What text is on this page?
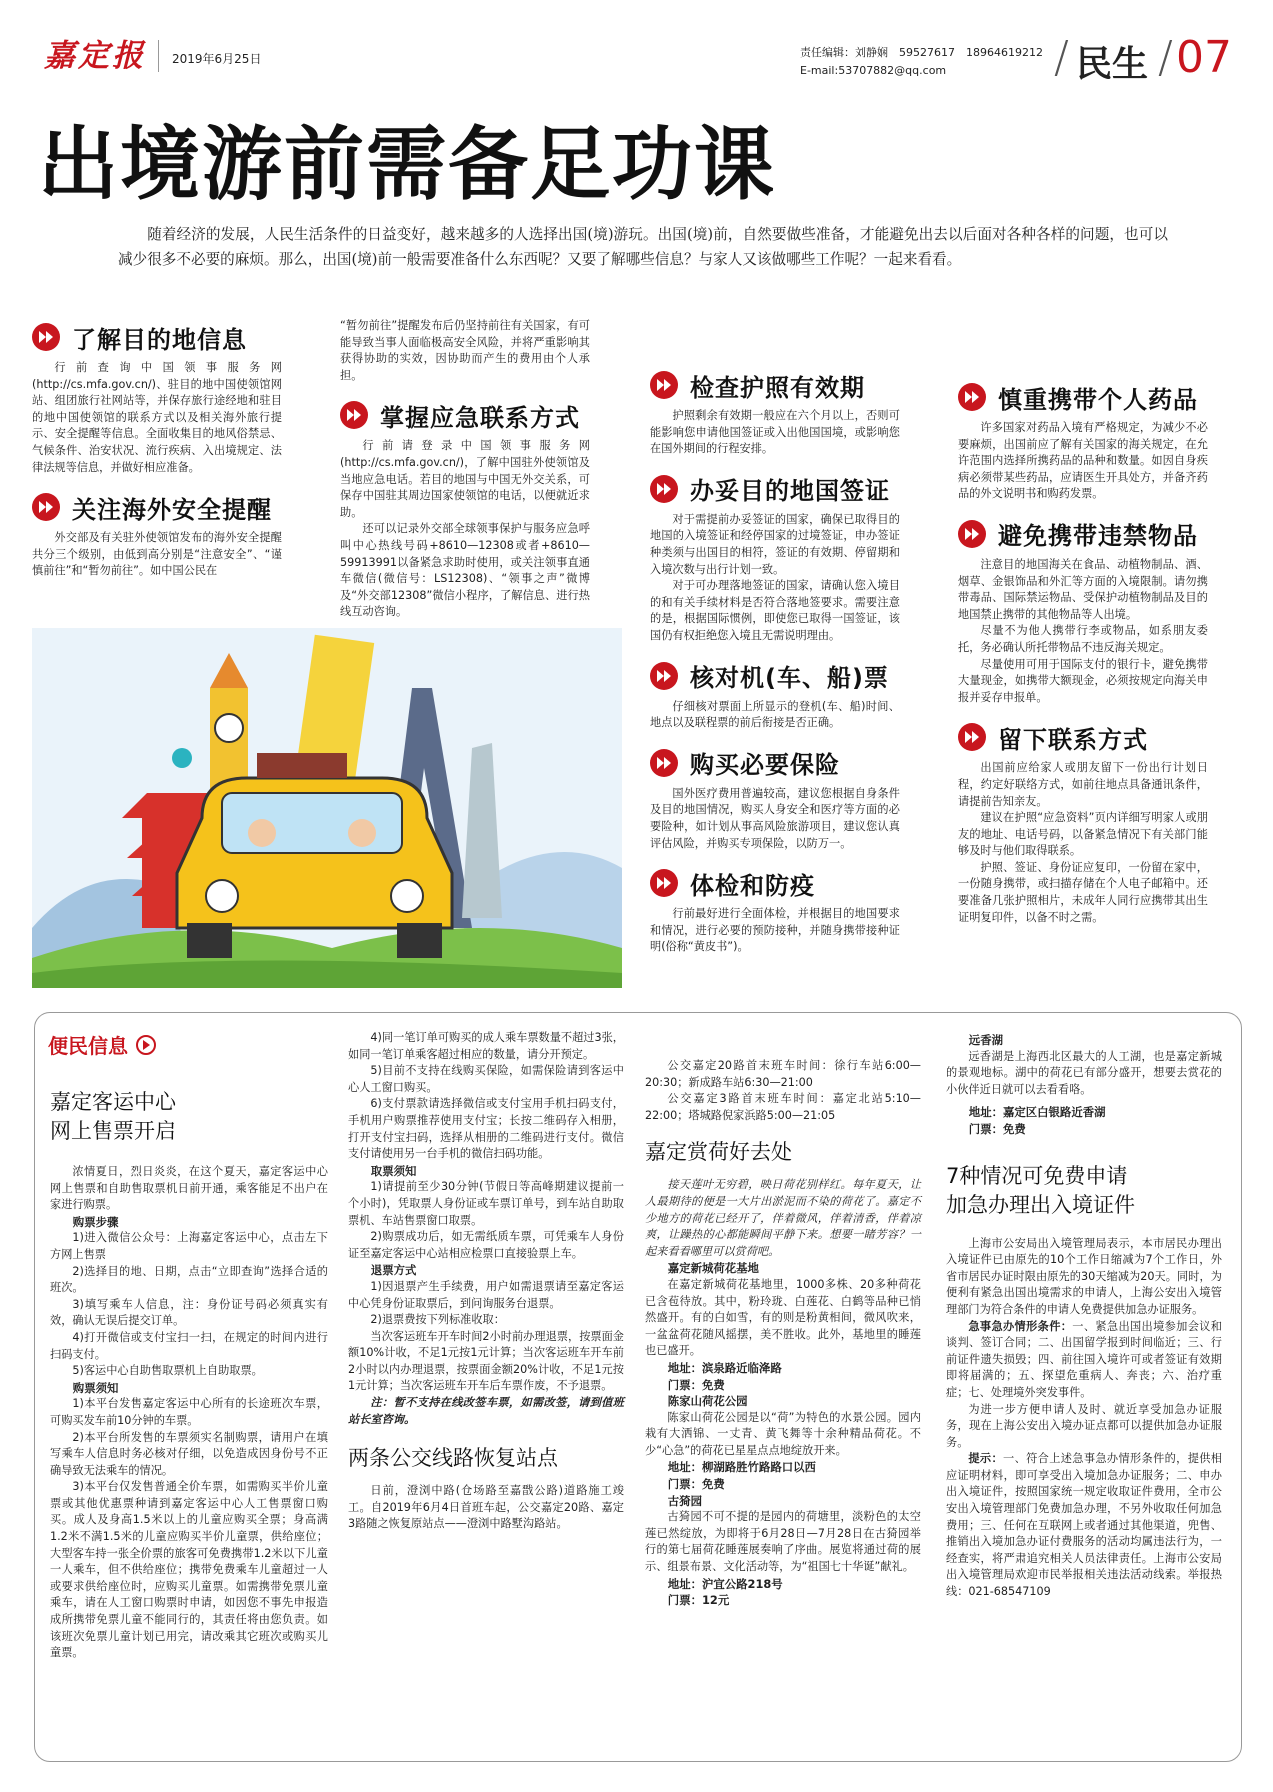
嘉定报 2019年6月25日	责任编辑：刘静娴　59527617　18964619212
E-mail:53707882@qq.com	/ 民生 / 07
出境游前需备足功课
随着经济的发展，人民生活条件的日益变好，越来越多的人选择出国(境)游玩。出国(境)前，自然要做些准备，才能避免出去以后面对各种各样的问题，也可以减少很多不必要的麻烦。那么，出国(境)前一般需要准备什么东西呢？又要了解哪些信息？与家人又该做哪些工作呢？一起来看看。
了解目的地信息

行前查询中国领事服务网(http://cs.mfa.gov.cn/)、驻目的地中国使领馆网站、组团旅行社网站等，并保存旅行途经地和驻目的地中国使领馆的联系方式以及相关海外旅行提示、安全提醒等信息。全面收集目的地风俗禁忌、气候条件、治安状况、流行疾病、入出境规定、法律法规等信息，并做好相应准备。

关注海外安全提醒

外交部及有关驻外使领馆发布的海外安全提醒共分三个级别，由低到高分别是“注意安全”、“谨慎前往”和“暂勿前往”。如中国公民在

“暂勿前往”提醒发布后仍坚持前往有关国家，有可能导致当事人面临极高安全风险，并将严重影响其获得协助的实效，因协助而产生的费用由个人承担。

掌握应急联系方式

行前请登录中国领事服务网(http://cs.mfa.gov.cn/)，了解中国驻外使领馆及当地应急电话。若目的地国与中国无外交关系，可保存中国驻其周边国家使领馆的电话，以便就近求助。

还可以记录外交部全球领事保护与服务应急呼叫中心热线号码+8610—12308或者+8610—59913991以备紧急求助时使用，或关注领事直通车微信(微信号：LS12308)、“领事之声”微博及“外交部12308”微信小程序，了解信息、进行热线互动咨询。

检查护照有效期

护照剩余有效期一般应在六个月以上，否则可能影响您申请他国签证或入出他国国境，或影响您在国外期间的行程安排。

办妥目的地国签证

对于需提前办妥签证的国家，确保已取得目的地国的入境签证和经停国家的过境签证，申办签证种类须与出国目的相符，签证的有效期、停留期和入境次数与出行计划一致。

对于可办理落地签证的国家，请确认您入境目的和有关手续材料是否符合落地签要求。需要注意的是，根据国际惯例，即使您已取得一国签证，该国仍有权拒绝您入境且无需说明理由。

核对机(车、船)票

仔细核对票面上所显示的登机(车、船)时间、地点以及联程票的前后衔接是否正确。

购买必要保险

国外医疗费用普遍较高，建议您根据自身条件及目的地国情况，购买人身安全和医疗等方面的必要险种，如计划从事高风险旅游项目，建议您认真评估风险，并购买专项保险，以防万一。

体检和防疫

行前最好进行全面体检，并根据目的地国要求和情况，进行必要的预防接种，并随身携带接种证明(俗称“黄皮书”)。

慎重携带个人药品

许多国家对药品入境有严格规定，为减少不必要麻烦，出国前应了解有关国家的海关规定，在允许范围内选择所携药品的品种和数量。如因自身疾病必须带某些药品，应请医生开具处方，并备齐药品的外文说明书和购药发票。

避免携带违禁物品

注意目的地国海关在食品、动植物制品、酒、烟草、金银饰品和外汇等方面的入境限制。请勿携带毒品、国际禁运物品、受保护动植物制品及目的地国禁止携带的其他物品等人出境。

尽量不为他人携带行李或物品，如系朋友委托，务必确认所托带物品不违反海关规定。

尽量使用可用于国际支付的银行卡，避免携带大量现金，如携带大额现金，必须按规定向海关申报并妥存申报单。

留下联系方式

出国前应给家人或朋友留下一份出行计划日程，约定好联络方式，如前往地点具备通讯条件，请提前告知亲友。

建议在护照“应急资料”页内详细写明家人或朋友的地址、电话号码，以备紧急情况下有关部门能够及时与他们取得联系。

护照、签证、身份证应复印，一份留在家中，一份随身携带，或扫描存储在个人电子邮箱中。还要准备几张护照相片，未成年人同行应携带其出生证明复印件，以备不时之需。

便民信息
嘉定客运中心
网上售票开启

浓情夏日，烈日炎炎，在这个夏天，嘉定客运中心网上售票和自助售取票机日前开通，乘客能足不出户在家进行购票。

购票步骤

1)进入微信公众号：上海嘉定客运中心，点击左下方网上售票

2)选择目的地、日期，点击“立即查询”选择合适的班次。

3)填写乘车人信息，注：身份证号码必须真实有效，确认无误后提交订单。

4)打开微信或支付宝扫一扫，在规定的时间内进行扫码支付。

5)客运中心自助售取票机上自助取票。

购票须知

1)本平台发售嘉定客运中心所有的长途班次车票，可购买发车前10分钟的车票。

2)本平台所发售的车票须实名制购票，请用户在填写乘车人信息时务必核对仔细，以免造成因身份号不正确导致无法乘车的情况。

3)本平台仅发售普通全价车票，如需购买半价儿童票或其他优惠票种请到嘉定客运中心人工售票窗口购买。成人及身高1.5米以上的儿童应购买全票；身高满1.2米不满1.5米的儿童应购买半价儿童票，供给座位；大型客车持一张全价票的旅客可免费携带1.2米以下儿童一人乘车，但不供给座位；携带免费乘车儿童超过一人或要求供给座位时，应购买儿童票。如需携带免票儿童乘车，请在人工窗口购票时申请，如因您不事先申报造成所携带免票儿童不能同行的，其责任将由您负责。如该班次免票儿童计划已用完，请改乘其它班次或购买儿童票。

4)同一笔订单可购买的成人乘车票数量不超过3张，如同一笔订单乘客超过相应的数量，请分开预定。

5)目前不支持在线购买保险，如需保险请到客运中心人工窗口购买。

6)支付票款请选择微信或支付宝用手机扫码支付，手机用户购票推荐使用支付宝；长按二维码存入相册，打开支付宝扫码，选择从相册的二维码进行支付。微信支付请使用另一台手机的微信扫码功能。

取票须知

1)请提前至少30分钟(节假日等高峰期建议提前一个小时)，凭取票人身份证或车票订单号，到车站自助取票机、车站售票窗口取票。

2)购票成功后，如无需纸质车票，可凭乘车人身份证至嘉定客运中心站相应检票口直接验票上车。

退票方式

1)因退票产生手续费，用户如需退票请至嘉定客运中心凭身份证取票后，到问询服务台退票。

2)退票费按下列标准收取：

当次客运班车开车时间2小时前办理退票，按票面金额10%计收，不足1元按1元计算；当次客运班车开车前2小时以内办理退票，按票面金额20%计收，不足1元按1元计算；当次客运班车开车后车票作废，不予退票。

注：暂不支持在线改签车票，如需改签，请到值班站长室咨询。

两条公交线路恢复站点

日前，澄浏中路(仓场路至嘉戬公路)道路施工竣工。自2019年6月4日首班车起，公交嘉定20路、嘉定3路随之恢复原站点——澄浏中路墅沟路站。

公交嘉定20路首末班车时间：徐行车站6:00—20:30；新成路车站6:30—21:00

公交嘉定3路首末班车时间：嘉定北站5:10—22:00；塔城路倪家浜路5:00—21:05

嘉定赏荷好去处

接天莲叶无穷碧，映日荷花别样红。每年夏天，让人最期待的便是一大片出淤泥而不染的荷花了。嘉定不少地方的荷花已经开了，伴着微风，伴着清香，伴着凉爽，让躁热的心都能瞬间平静下来。想要一睹芳容？一起来看看哪里可以赏荷吧。

嘉定新城荷花基地

在嘉定新城荷花基地里，1000多株、20多种荷花已含苞待放。其中，粉玲珑、白莲花、白鹤等品种已悄然盛开。有的白如雪，有的则是粉黄相间，微风吹来，一盆盆荷花随风摇摆，美不胜收。此外，基地里的睡莲也已盛开。

地址：滨泉路近临洚路
门票：免费
陈家山荷花公园

陈家山荷花公园是以“荷”为特色的水景公园。园内栽有大洒锦、一丈青、黄飞舞等十余种精品荷花。不少“心急”的荷花已星星点点地绽放开来。

地址：柳湖路胜竹路路口以西
门票：免费
古猗园

古猗园不可不提的是园内的荷塘里，淡粉色的太空莲已然绽放，为即将于6月28日—7月28日在古猗园举行的第七届荷花睡莲展奏响了序曲。展览将通过荷的展示、组景布景、文化活动等，为“祖国七十华诞”献礼。

地址：沪宜公路218号
门票：12元
远香湖

远香湖是上海西北区最大的人工湖，也是嘉定新城的景观地标。湖中的荷花已有部分盛开，想要去赏花的小伙伴近日就可以去看看咯。

地址：嘉定区白银路近香湖
门票：免费
7种情况可免费申请
加急办理出入境证件

上海市公安局出入境管理局表示，本市居民办理出入境证件已由原先的10个工作日缩减为7个工作日，外省市居民办证时限由原先的30天缩减为20天。同时，为便利有紧急出国出境需求的申请人，上海公安出入境管理部门为符合条件的申请人免费提供加急办证服务。

急事急办情形条件：一、紧急出国出境参加会议和谈判、签订合同；二、出国留学报到时间临近；三、行前证件遗失损毁；四、前往国入境许可或者签证有效期即将届满的；五、探望危重病人、奔丧；六、治疗重症；七、处理境外突发事件。

为进一步方便申请人及时、就近享受加急办证服务，现在上海公安出入境办证点都可以提供加急办证服务。

提示：一、符合上述急事急办情形条件的，提供相应证明材料，即可享受出入境加急办证服务；二、申办出入境证件，按照国家统一规定收取证件费用，全市公安出入境管理部门免费加急办理，不另外收取任何加急费用；三、任何在互联网上或者通过其他渠道，兜售、推销出入境加急办证付费服务的活动均属违法行为，一经查实，将严肃追究相关人员法律责任。上海市公安局出入境管理局欢迎市民举报相关违法活动线索。举报热线：021-68547109
